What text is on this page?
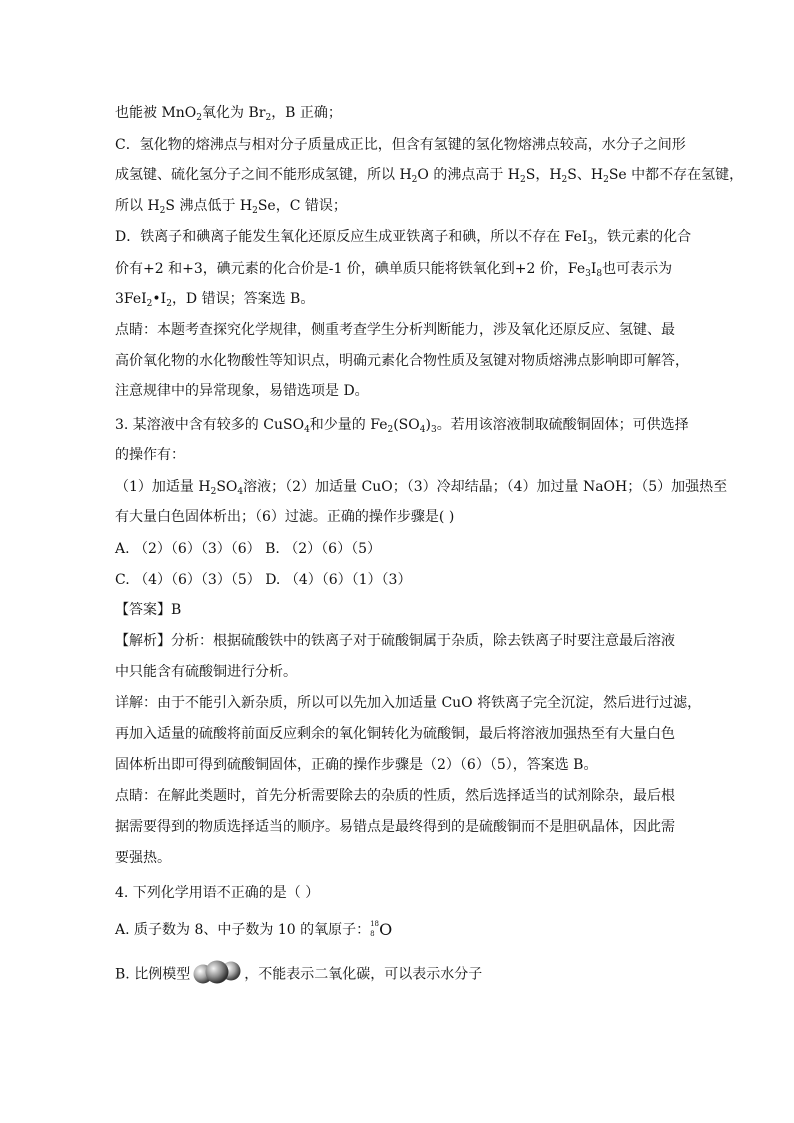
也能被 MnO$_2$氧化为 $Br_2$，B 正确；
C．氢化物的熔沸点与相对分子质量成正比，但含有氢键的氢化物熔沸点较高，水分子之间形
成氢键、硫化氢分子之间不能形成氢键，所以 $H_2O$ 的沸点高于 $H_2S$，$H_2S$、$H_2Se$ 中都不存在氢键，
所以 $H_2S$ 沸点低于 $H_2Se$，C 错误；
D．铁离子和碘离子能发生氧化还原反应生成亚铁离子和碘，所以不存在 FeI$_3$，铁元素的化合
价有+2 和+3，碘元素的化合价是-1 价，碘单质只能将铁氧化到+2 价，$Fe_3I_8$也可表示为
$3FeI_2•I_2$，D 错误；答案选 B。
点睛：本题考查探究化学规律，侧重考查学生分析判断能力，涉及氧化还原反应、氢键、最
高价氧化物的水化物酸性等知识点，明确元素化合物性质及氢键对物质熔沸点影响即可解答，
注意规律中的异常现象，易错选项是 D。
3. 某溶液中含有较多的 CuSO$_4$和少量的 $Fe_2(SO_4)_3$。若用该溶液制取硫酸铜固体；可供选择
的操作有：
（1）加适量 $H_2SO_4$溶液；（2）加适量 CuO；（3）冷却结晶；（4）加过量 NaOH；（5）加强热至
有大量白色固体析出；（6）过滤。正确的操作步骤是( )
A. （2）（6）（3）（6） B. （2）（6）（5）
C. （4）（6）（3）（5） D. （4）（6）（1）（3）
【答案】B
【解析】分析：根据硫酸铁中的铁离子对于硫酸铜属于杂质，除去铁离子时要注意最后溶液
中只能含有硫酸铜进行分析。
详解：由于不能引入新杂质，所以可以先加入加适量 CuO 将铁离子完全沉淀，然后进行过滤，
再加入适量的硫酸将前面反应剩余的氧化铜转化为硫酸铜，最后将溶液加强热至有大量白色
固体析出即可得到硫酸铜固体，正确的操作步骤是（2）（6）（5），答案选 B。
点睛：在解此类题时，首先分析需要除去的杂质的性质，然后选择适当的试剂除杂，最后根
据需要得到的物质选择适当的顺序。易错点是最终得到的是硫酸铜而不是胆矾晶体，因此需
要强热。
4. 下列化学用语不正确的是（ ）
A. 质子数为 8、中子数为 10 的氧原子： 18
8 O
B. 比例模型	，不能表示二氧化碳，可以表示水分子
